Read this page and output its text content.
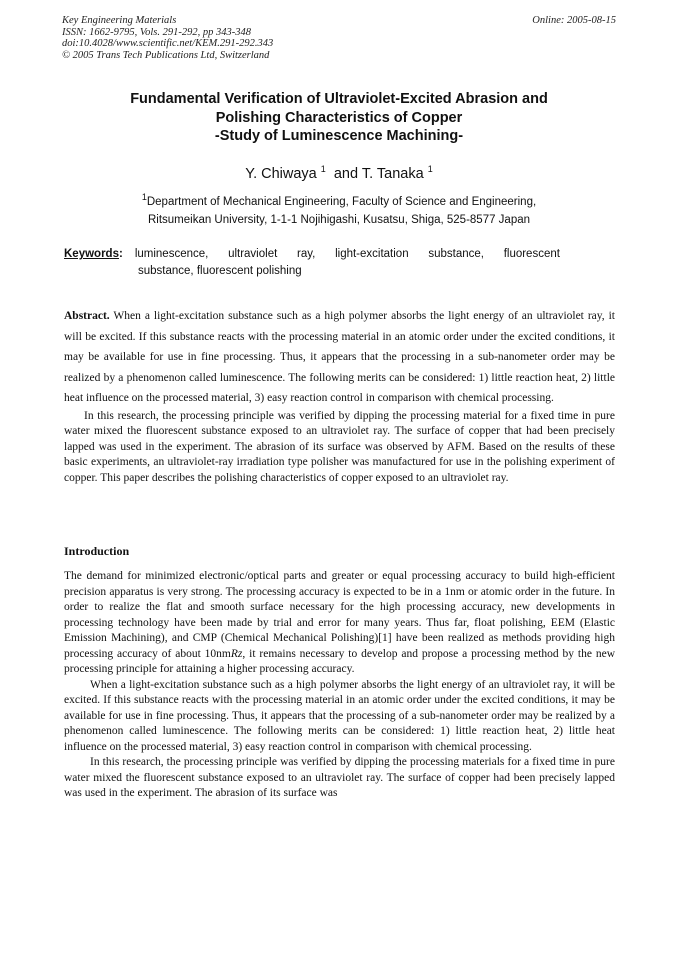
Key Engineering Materials
ISSN: 1662-9795, Vols. 291-292, pp 343-348
doi:10.4028/www.scientific.net/KEM.291-292.343
© 2005 Trans Tech Publications Ltd, Switzerland
Online: 2005-08-15
Fundamental Verification of Ultraviolet-Excited Abrasion and
Polishing Characteristics of Copper
-Study of Luminescence Machining-
Y. Chiwaya $^1$ and T. Tanaka $^1$
$^1$Department of Mechanical Engineering, Faculty of Science and Engineering,
Ritsumeikan University, 1-1-1 Nojihigashi, Kusatsu, Shiga, 525-8577 Japan
Keywords: luminescence, ultraviolet ray, light-excitation substance, fluorescent
substance, fluorescent polishing

Abstract. When a light-excitation substance such as a high polymer absorbs the light energy of an ultraviolet ray, it will be excited. If this substance reacts with the processing material in an atomic order under the excited conditions, it may be available for use in fine processing. Thus, it appears that the processing in a sub-nanometer order may be realized by a phenomenon called luminescence. The following merits can be considered: 1) little reaction heat, 2) little heat influence on the processed material, 3) easy reaction control in comparison with chemical processing.

In this research, the processing principle was verified by dipping the processing material for a fixed time in pure water mixed the fluorescent substance exposed to an ultraviolet ray. The surface of copper that had been precisely lapped was used in the experiment. The abrasion of its surface was observed by AFM. Based on the results of these basic experiments, an ultraviolet-ray irradiation type polisher was manufactured for use in the polishing experiment of copper. This paper describes the polishing characteristics of copper exposed to an ultraviolet ray.

Introduction

The demand for minimized electronic/optical parts and greater or equal processing accuracy to build high-efficient precision apparatus is very strong. The processing accuracy is expected to be in a 1nm or atomic order in the future. In order to realize the flat and smooth surface necessary for the high processing accuracy, new developments in processing technology have been made by trial and error for many years. Thus far, float polishing, EEM (Elastic Emission Machining), and CMP (Chemical Mechanical Polishing)[1] have been realized as methods providing high processing accuracy of about 10nmRz, it remains necessary to develop and propose a processing method by the new processing principle for attaining a higher processing accuracy.

When a light-excitation substance such as a high polymer absorbs the light energy of an ultraviolet ray, it will be excited. If this substance reacts with the processing material in an atomic order under the excited conditions, it may be available for use in fine processing. Thus, it appears that the processing of a sub-nanometer order may be realized by a phenomenon called luminescence. The following merits can be considered: 1) little reaction heat, 2) little heat influence on the processed material, 3) easy reaction control in comparison with chemical processing.

In this research, the processing principle was verified by dipping the processing materials for a fixed time in pure water mixed the fluorescent substance exposed to an ultraviolet ray. The surface of copper had been precisely lapped was used in the experiment. The abrasion of its surface was
